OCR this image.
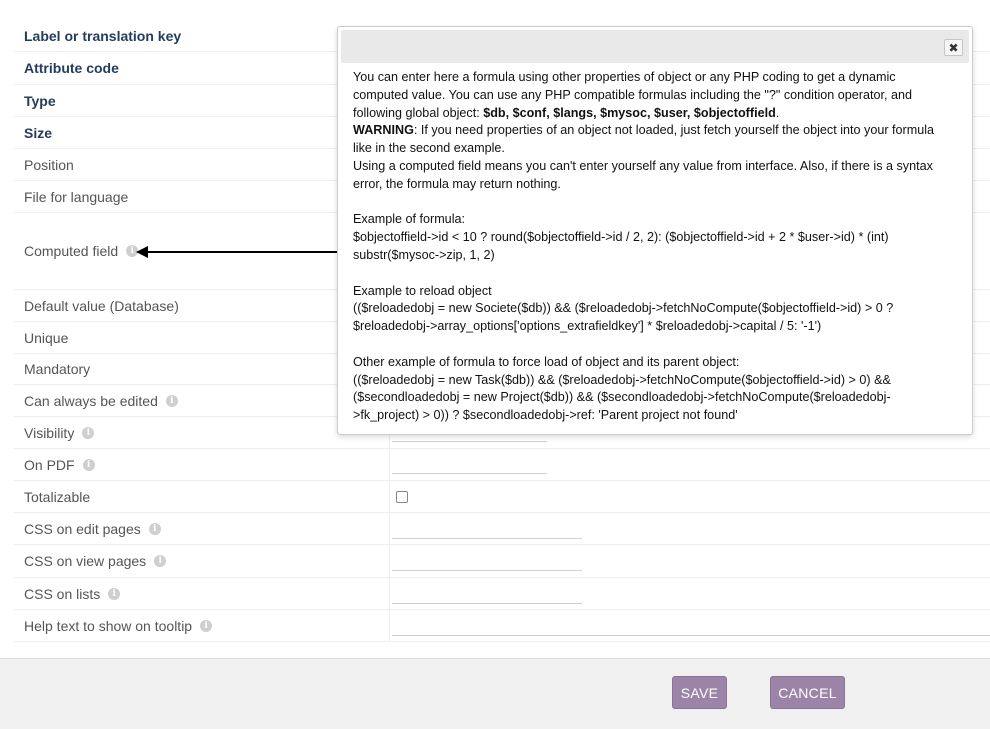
Label or translation key
Attribute code
Type
Size
Position
File for language
Computed field	i
Default value (Database)
Unique
Mandatory
Can always be edited	i
Visibility	i
On PDF	i
Totalizable
CSS on edit pages	i
CSS on view pages	i
CSS on lists	i
Help text to show on tooltip	i
SAVE	CANCEL
✖

You can enter here a formula using other properties of object or any PHP coding to get a dynamic computed value. You can use any PHP compatible formulas including the "?" condition operator, and following global object: $db, $conf, $langs, $mysoc, $user, $objectoffield.

WARNING: If you need properties of an object not loaded, just fetch yourself the object into your formula like in the second example.

Using a computed field means you can't enter yourself any value from interface. Also, if there is a syntax error, the formula may return nothing.

Example of formula:

$objectoffield->id < 10 ? round($objectoffield->id / 2, 2): ($objectoffield->id + 2 * $user->id) * (int) substr($mysoc->zip, 1, 2)

Example to reload object

(($reloadedobj = new Societe($db)) && ($reloadedobj->fetchNoCompute($objectoffield->id) > 0 ? $reloadedobj->array_options['options_extrafieldkey'] * $reloadedobj->capital / 5: '-1')

Other example of formula to force load of object and its parent object:

(($reloadedobj = new Task($db)) && ($reloadedobj->fetchNoCompute($objectoffield->id) > 0) && ($secondloadedobj = new Project($db)) && ($secondloadedobj->fetchNoCompute($reloadedobj->fk_project) > 0)) ? $secondloadedobj->ref: 'Parent project not found'
